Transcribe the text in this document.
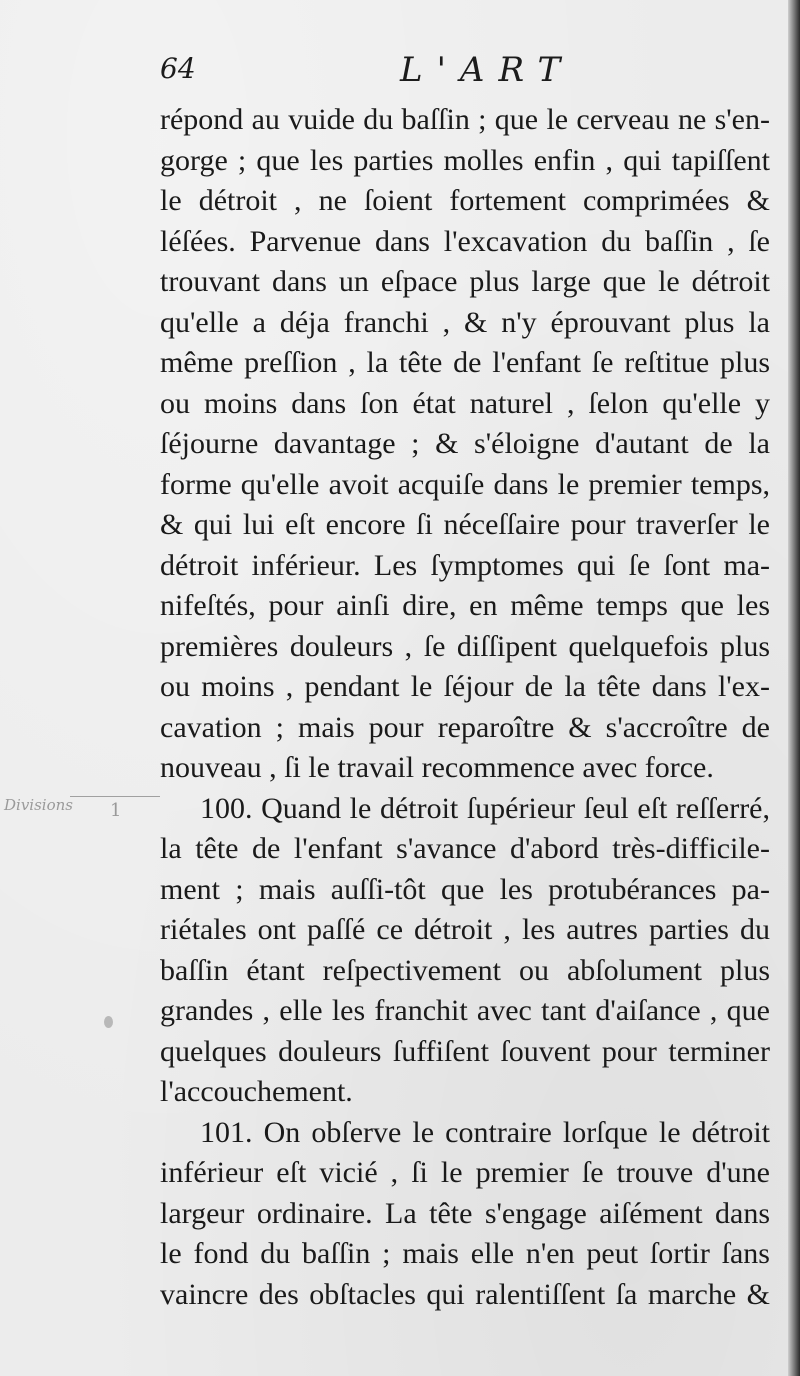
64	L'ART
Divisions 1
répond au vuide du baſſin ; que le cerveau ne s'en-
gorge ; que les parties molles enfin , qui tapiſſent
le détroit , ne ſoient fortement comprimées &
léſées. Parvenue dans l'excavation du baſſin , ſe
trouvant dans un eſpace plus large que le détroit
qu'elle a déja franchi , & n'y éprouvant plus la
même preſſion , la tête de l'enfant ſe reſtitue plus
ou moins dans ſon état naturel , ſelon qu'elle y
ſéjourne davantage ; & s'éloigne d'autant de la
forme qu'elle avoit acquiſe dans le premier temps,
& qui lui eſt encore ſi néceſſaire pour traverſer le
détroit inférieur. Les ſymptomes qui ſe ſont ma-
nifeſtés, pour ainſi dire, en même temps que les
premières douleurs , ſe diſſipent quelquefois plus
ou moins , pendant le ſéjour de la tête dans l'ex-
cavation ; mais pour reparoître & s'accroître de
nouveau , ſi le travail recommence avec force.
100. Quand le détroit ſupérieur ſeul eſt reſſerré,
la tête de l'enfant s'avance d'abord très-difficile-
ment ; mais auſſi-tôt que les protubérances pa-
riétales ont paſſé ce détroit , les autres parties du
baſſin étant reſpectivement ou abſolument plus
grandes , elle les franchit avec tant d'aiſance , que
quelques douleurs ſuffiſent ſouvent pour terminer
l'accouchement.
101. On obſerve le contraire lorſque le détroit
inférieur eſt vicié , ſi le premier ſe trouve d'une
largeur ordinaire. La tête s'engage aiſément dans
le fond du baſſin ; mais elle n'en peut ſortir ſans
vaincre des obſtacles qui ralentiſſent ſa marche &
